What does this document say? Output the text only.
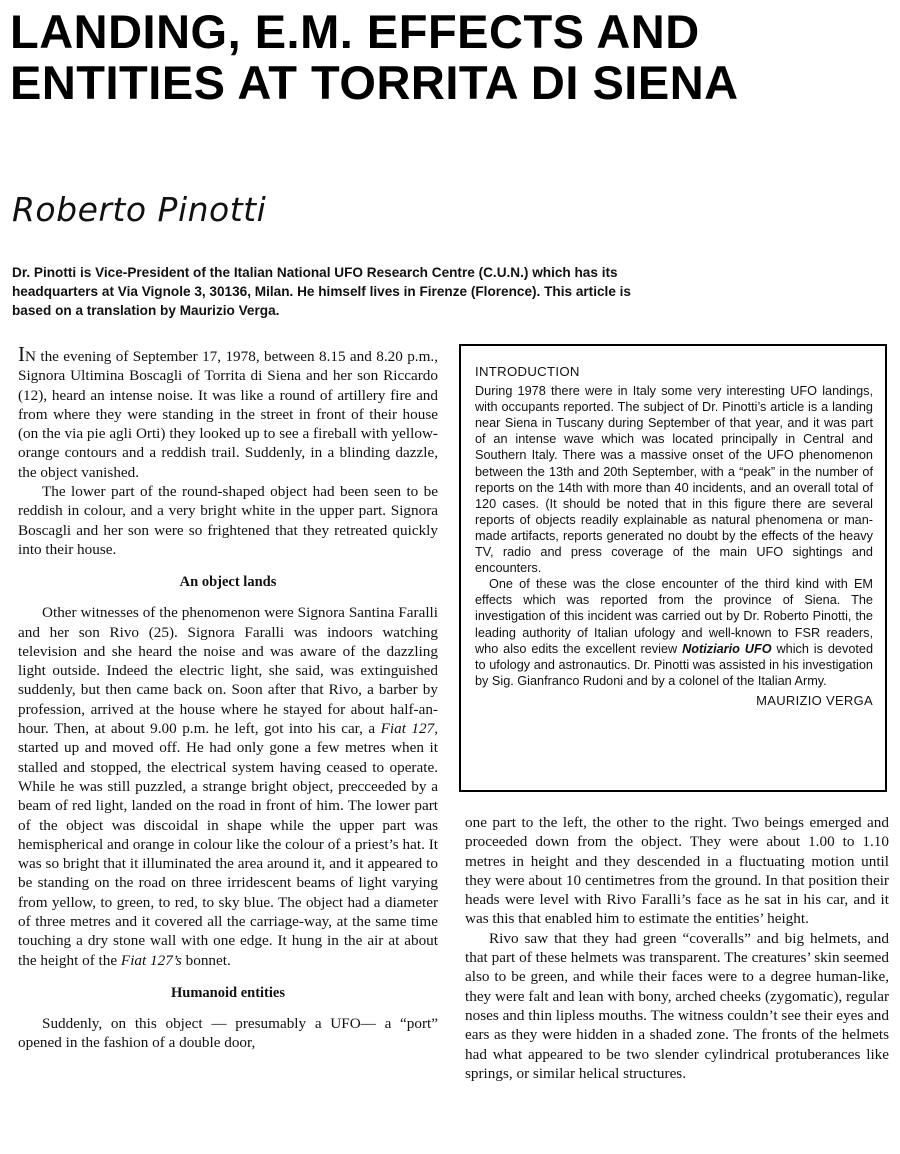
LANDING, E.M. EFFECTS AND ENTITIES AT TORRITA DI SIENA
Roberto Pinotti

Dr. Pinotti is Vice-President of the Italian National UFO Research Centre (C.U.N.) which has its headquarters at Via Vignole 3, 30136, Milan. He himself lives in Firenze (Florence). This article is based on a translation by Maurizio Verga.

IN the evening of September 17, 1978, between 8.15 and 8.20 p.m., Signora Ultimina Boscagli of Torrita di Siena and her son Riccardo (12), heard an intense noise. It was like a round of artillery fire and from where they were standing in the street in front of their house (on the via pie agli Orti) they looked up to see a fireball with yellow-orange contours and a reddish trail. Suddenly, in a blinding dazzle, the object vanished.

The lower part of the round-shaped object had been seen to be reddish in colour, and a very bright white in the upper part. Signora Boscagli and her son were so frightened that they retreated quickly into their house.

An object lands

Other witnesses of the phenomenon were Signora Santina Faralli and her son Rivo (25). Signora Faralli was indoors watching television and she heard the noise and was aware of the dazzling light outside. Indeed the electric light, she said, was extinguished suddenly, but then came back on. Soon after that Rivo, a barber by profession, arrived at the house where he stayed for about half-an-hour. Then, at about 9.00 p.m. he left, got into his car, a Fiat 127, started up and moved off. He had only gone a few metres when it stalled and stopped, the electrical system having ceased to operate. While he was still puzzled, a strange bright object, precceeded by a beam of red light, landed on the road in front of him. The lower part of the object was discoidal in shape while the upper part was hemispherical and orange in colour like the colour of a priest’s hat. It was so bright that it illuminated the area around it, and it appeared to be standing on the road on three irridescent beams of light varying from yellow, to green, to red, to sky blue. The object had a diameter of three metres and it covered all the carriage-way, at the same time touching a dry stone wall with one edge. It hung in the air at about the height of the Fiat 127’s bonnet.

Humanoid entities

Suddenly, on this object — presumably a UFO— a “port” opened in the fashion of a double door,

INTRODUCTION

During 1978 there were in Italy some very interesting UFO landings, with occupants reported. The subject of Dr. Pinotti’s article is a landing near Siena in Tuscany during September of that year, and it was part of an intense wave which was located principally in Central and Southern Italy. There was a massive onset of the UFO phenomenon between the 13th and 20th September, with a “peak” in the number of reports on the 14th with more than 40 incidents, and an overall total of 120 cases. (It should be noted that in this figure there are several reports of objects readily explainable as natural phenomena or man-made artifacts, reports generated no doubt by the effects of the heavy TV, radio and press coverage of the main UFO sightings and encounters.

One of these was the close encounter of the third kind with EM effects which was reported from the province of Siena. The investigation of this incident was carried out by Dr. Roberto Pinotti, the leading authority of Italian ufology and well-known to FSR readers, who also edits the excellent review Notiziario UFO which is devoted to ufology and astronautics. Dr. Pinotti was assisted in his investigation by Sig. Gianfranco Rudoni and by a colonel of the Italian Army.

MAURIZIO VERGA

one part to the left, the other to the right. Two beings emerged and proceeded down from the object. They were about 1.00 to 1.10 metres in height and they descended in a fluctuating motion until they were about 10 centimetres from the ground. In that position their heads were level with Rivo Faralli’s face as he sat in his car, and it was this that enabled him to estimate the entities’ height.

Rivo saw that they had green “coveralls” and big helmets, and that part of these helmets was transparent. The creatures’ skin seemed also to be green, and while their faces were to a degree human-like, they were falt and lean with bony, arched cheeks (zygomatic), regular noses and thin lipless mouths. The witness couldn’t see their eyes and ears as they were hidden in a shaded zone. The fronts of the helmets had what appeared to be two slender cylindrical protuberances like springs, or similar helical structures.
